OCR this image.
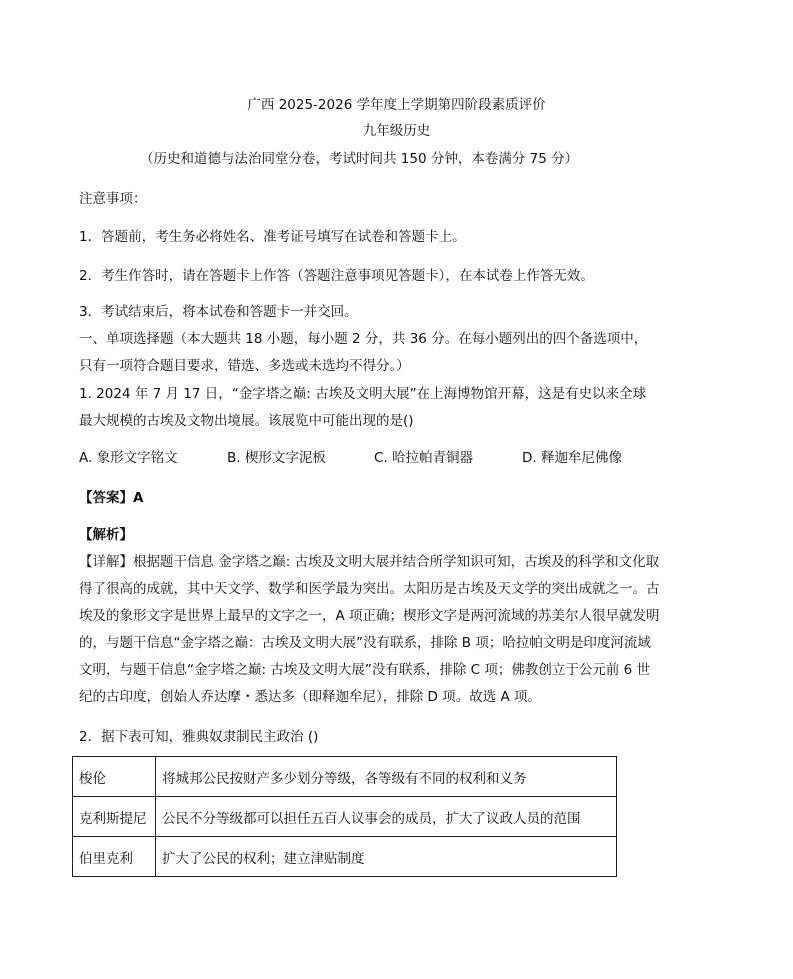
广西 2025-2026 学年度上学期第四阶段素质评价
九年级历史
（历史和道德与法治同堂分卷，考试时间共 150 分钟，本卷满分 75 分）
注意事项：
1．答题前，考生务必将姓名、准考证号填写在试卷和答题卡上。
2．考生作答时，请在答题卡上作答（答题注意事项见答题卡），在本试卷上作答无效。
3．考试结束后，将本试卷和答题卡一并交回。
一、单项选择题（本大题共 18 小题，每小题 2 分，共 36 分。在每小题列出的四个备选项中，
只有一项符合题目要求，错选、多选或未选均不得分。）
1. 2024 年 7 月 17 日，“金字塔之巅: 古埃及文明大展”在上海博物馆开幕，这是有史以来全球
最大规模的古埃及文物出境展。该展览中可能出现的是()
A. 象形文字铭文	B. 楔形文字泥板	C. 哈拉帕青铜器	D. 释迦牟尼佛像
【答案】A
【解析】
【详解】根据题干信息 金字塔之巅: 古埃及文明大展并结合所学知识可知，古埃及的科学和文化取
得了很高的成就，其中天文学、数学和医学最为突出。太阳历是古埃及天文学的突出成就之一。古
埃及的象形文字是世界上最早的文字之一，A 项正确；楔形文字是两河流域的苏美尔人很早就发明
的，与题干信息“金字塔之巅：古埃及文明大展”没有联系，排除 B 项；哈拉帕文明是印度河流域
文明，与题干信息“金字塔之巅: 古埃及文明大展”没有联系，排除 C 项；佛教创立于公元前 6 世
纪的古印度，创始人乔达摩・悉达多（即释迦牟尼），排除 D 项。故选 A 项。
2．据下表可知，雅典奴隶制民主政治 ()
梭伦	将城邦公民按财产多少划分等级，各等级有不同的权利和义务
克利斯提尼	公民不分等级都可以担任五百人议事会的成员，扩大了议政人员的范围
伯里克利	扩大了公民的权利；建立津贴制度
